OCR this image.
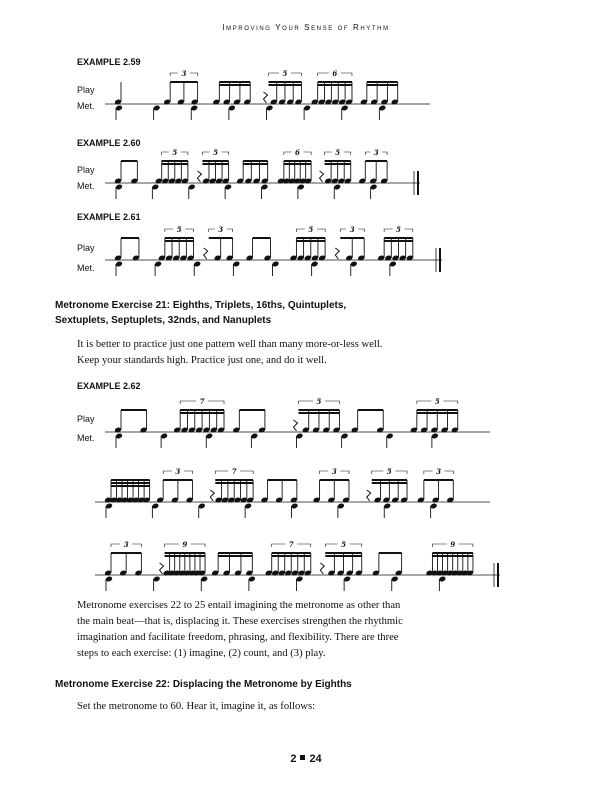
Improving Your Sense of Rhythm
EXAMPLE 2.59
Play
Met.
3	5	6
EXAMPLE 2.60
Play
Met.
5	5	6	5	3
EXAMPLE 2.61
Play
Met.
5	3	5	3	5
Metronome Exercise 21: Eighths, Triplets, 16ths, Quintuplets,
Sextuplets, Septuplets, 32nds, and Nanuplets
It is better to practice just one pattern well than many more-or-less well.
Keep your standards high. Practice just one, and do it well.
EXAMPLE 2.62
Play
Met.
7	5	5
3	7	3	5	3
3	9	7	5	9
Metronome exercises 22 to 25 entail imagining the metronome as other than
the main beat—that is, displacing it. These exercises strengthen the rhythmic
imagination and facilitate freedom, phrasing, and flexibility. There are three
steps to each exercise: (1) imagine, (2) count, and (3) play.
Metronome Exercise 22: Displacing the Metronome by Eighths
Set the metronome to 60. Hear it, imagine it, as follows:
2 24
